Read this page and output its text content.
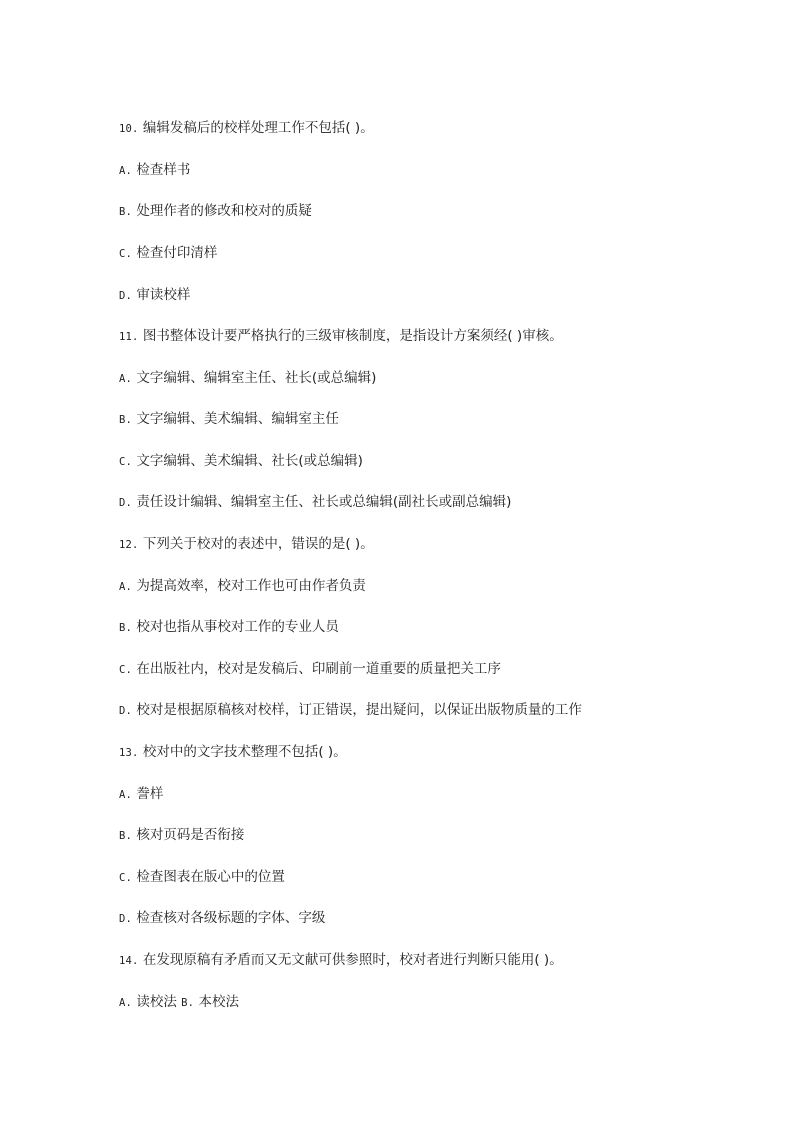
10. 编辑发稿后的校样处理工作不包括( )。
A. 检查样书
B. 处理作者的修改和校对的质疑
C. 检查付印清样
D. 审读校样
11. 图书整体设计要严格执行的三级审核制度，是指设计方案须经( )审核。
A. 文字编辑、编辑室主任、社长(或总编辑)
B. 文字编辑、美术编辑、编辑室主任
C. 文字编辑、美术编辑、社长(或总编辑)
D. 责任设计编辑、编辑室主任、社长或总编辑(副社长或副总编辑)
12. 下列关于校对的表述中，错误的是( )。
A. 为提高效率，校对工作也可由作者负责
B. 校对也指从事校对工作的专业人员
C. 在出版社内，校对是发稿后、印刷前一道重要的质量把关工序
D. 校对是根据原稿核对校样，订正错误，提出疑问，以保证出版物质量的工作
13. 校对中的文字技术整理不包括( )。
A. 誊样
B. 核对页码是否衔接
C. 检查图表在版心中的位置
D. 检查核对各级标题的字体、字级
14. 在发现原稿有矛盾而又无文献可供参照时，校对者进行判断只能用( )。
A. 读校法 B. 本校法
